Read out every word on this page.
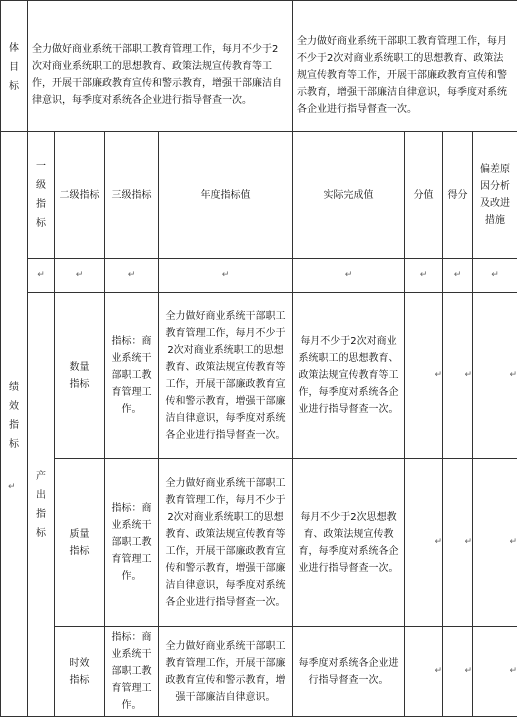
体目标	全力做好商业系统干部职工教育管理工作，每月不少于2次对商业系统职工的思想教育、政策法规宣传教育等工作，开展干部廉政教育宣传和警示教育，增强干部廉洁自律意识，每季度对系统各企业进行指导督查一次。				全力做好商业系统干部职工教育管理工作，每月不少于2次对商业系统职工的思想教育、政策法规宣传教育等工作，开展干部廉政教育宣传和警示教育，增强干部廉洁自律意识，每季度对系统各企业进行指导督查一次。			

绩效指标
↵	一级指标	二级指标	三级指标	年度指标值	实际完成值	分值	得分	偏差原因分析及改进措施

	↵	↵	↵	↵	↵	↵	↵	↵

	产出指标	数量指标	指标：商业系统干部职工教育管理工作。	全力做好商业系统干部职工教育管理工作，每月不少于2次对商业系统职工的思想教育、政策法规宣传教育等工作，开展干部廉政教育宣传和警示教育，增强干部廉洁自律意识，每季度对系统各企业进行指导督查一次。	每月不少于2次对商业系统职工的思想教育、政策法规宣传教育等工作，每季度对系统各企业进行指导督查一次。	↵	↵	↵

质量指标	指标：商业系统干部职工教育管理工作。	全力做好商业系统干部职工教育管理工作，每月不少于2次对商业系统职工的思想教育、政策法规宣传教育等工作，开展干部廉政教育宣传和警示教育，增强干部廉洁自律意识，每季度对系统各企业进行指导督查一次。	每月不少于2次思想教育、政策法规宣传教育，每季度对系统各企业进行指导督查一次。	↵	↵	↵

时效指标	指标：商业系统干部职工教育管理工作。	全力做好商业系统干部职工教育管理工作，开展干部廉政教育宣传和警示教育，增强干部廉洁自律意识。	每季度对系统各企业进行指导督查一次。	↵	↵	↵
